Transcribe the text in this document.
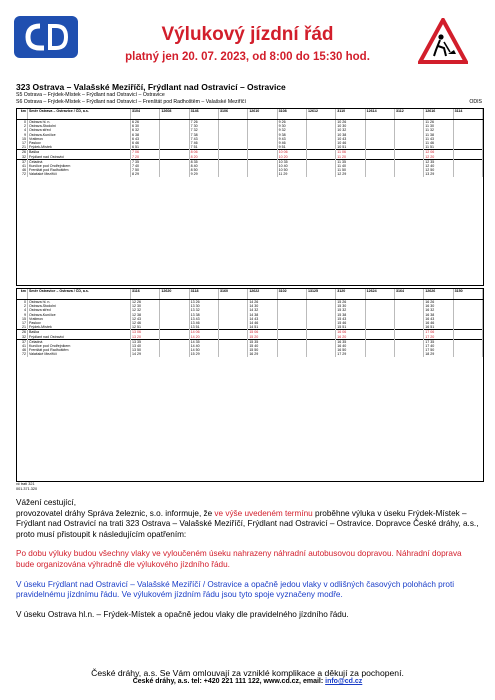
Výlukový jízdní řád
platný jen 20. 07. 2023, od 8:00 do 15:30 hod.
323 Ostrava – Valašské Meziříčí, Frýdlant nad Ostravicí – Ostravice
S5 Ostrava – Frýdek-Místek – Frýdlant nad Ostravicí – Ostravice
S6 Ostrava – Frýdek-Místek – Frýdlant nad Ostravicí – Frenštát pod Radhoštěm – Valašské Meziříčí	ODIS
km	Směr Ostrava – Ostravice / ČD, a.s.	3104	12608	3146	3106	12610	3108	12612	3110	12614	3112	12616	3114
0	Ostrava hl. n.	6 26		7 26			9 26		10 26			11 26	
2	Ostrava-Stodolní	6 30		7 30			9 30		10 30			11 30	
4	Ostrava střed	6 32		7 32			9 32		10 32			11 32	
9	Ostrava-Kunčice	6 38		7 38			9 38		10 38			11 38	
15	Vratimov	6 43		7 43			9 43		10 43			11 43	
17	Paskov	6 46		7 46			9 46		10 46			11 46	
21	Frýdek-Místek	6 51		7 51			9 51		10 51			11 51	
26	Baška	7 06		8 06			10 06		11 06			12 06	
32	Frýdlant nad Ostravicí	7 20		8 20			10 20		11 20			12 20	
37	Čeladná	7 35		8 35			10 35		11 35			12 35	
41	Kunčice pod Ondřejníkem	7 40		8 40			10 40		11 40			12 40	
46	Frenštát pod Radhoštěm	7 50		8 50			10 50		11 50			12 50	
72	Valašské Meziříčí	8 29		9 29			11 29		12 29			13 29	
km	Směr Ostravice – Ostrava / ČD, a.s.	3116	12620	3118	3160	12622	3102	13125	3120	12624	3164	12626	3150
0	Ostrava hl. n.	12 26		13 26		14 26			15 26			16 26	
2	Ostrava-Stodolní	12 30		13 30		14 30			15 30			16 30	
4	Ostrava střed	12 32		13 32		14 32			15 32			16 32	
9	Ostrava-Kunčice	12 38		13 38		14 38			15 38			16 38	
15	Vratimov	12 43		13 43		14 43			15 43			16 43	
17	Paskov	12 46		13 46		14 46			15 46			16 46	
21	Frýdek-Místek	12 51		13 51		14 51			15 51			16 51	
26	Baška	13 06		14 06		15 06			16 06			17 06	
32	Frýdlant nad Ostravicí	13 20		14 20		15 20			16 20			17 20	
37	Čeladná	13 35		14 35		15 35			16 35			17 35	
41	Kunčice pod Ondřejníkem	13 40		14 40		15 40			16 40			17 40	
46	Frenštát pod Radhoštěm	13 50		14 50		15 50			16 50			17 50	
72	Valašské Meziříčí	14 29		15 29		16 29			17 29			18 29	
vč trati 321
001.371.320

Vážení cestující,

provozovatel dráhy Správa železnic, s.o. informuje, že ve výše uvedeném termínu proběhne výluka v úseku Frýdek-Místek – Frýdlant nad Ostravicí na trati 323 Ostrava – Valašské Meziříčí, Frýdlant nad Ostravicí – Ostravice. Dopravce České dráhy, a.s., proto musí přistoupit k následujícím opatřením:

Po dobu výluky budou všechny vlaky ve vyloučeném úseku nahrazeny náhradní autobusovou dopravou. Náhradní doprava bude organizována výhradně dle výlukového jízdního řádu.

V úseku Frýdlant nad Ostravicí – Valašské Meziříčí / Ostravice a opačně jedou vlaky v odlišných časových polohách proti pravidelnému jízdnímu řádu. Ve výlukovém jízdním řádu jsou tyto spoje vyznačeny modře.

V úseku Ostrava hl.n. – Frýdek-Místek a opačně jedou vlaky dle pravidelného jízdního řádu.

České dráhy, a.s. Se Vám omlouvají za vzniklé komplikace a děkují za pochopení.
České dráhy, a.s. tel: +420 221 111 122, www.cd.cz, email: info@cd.cz
